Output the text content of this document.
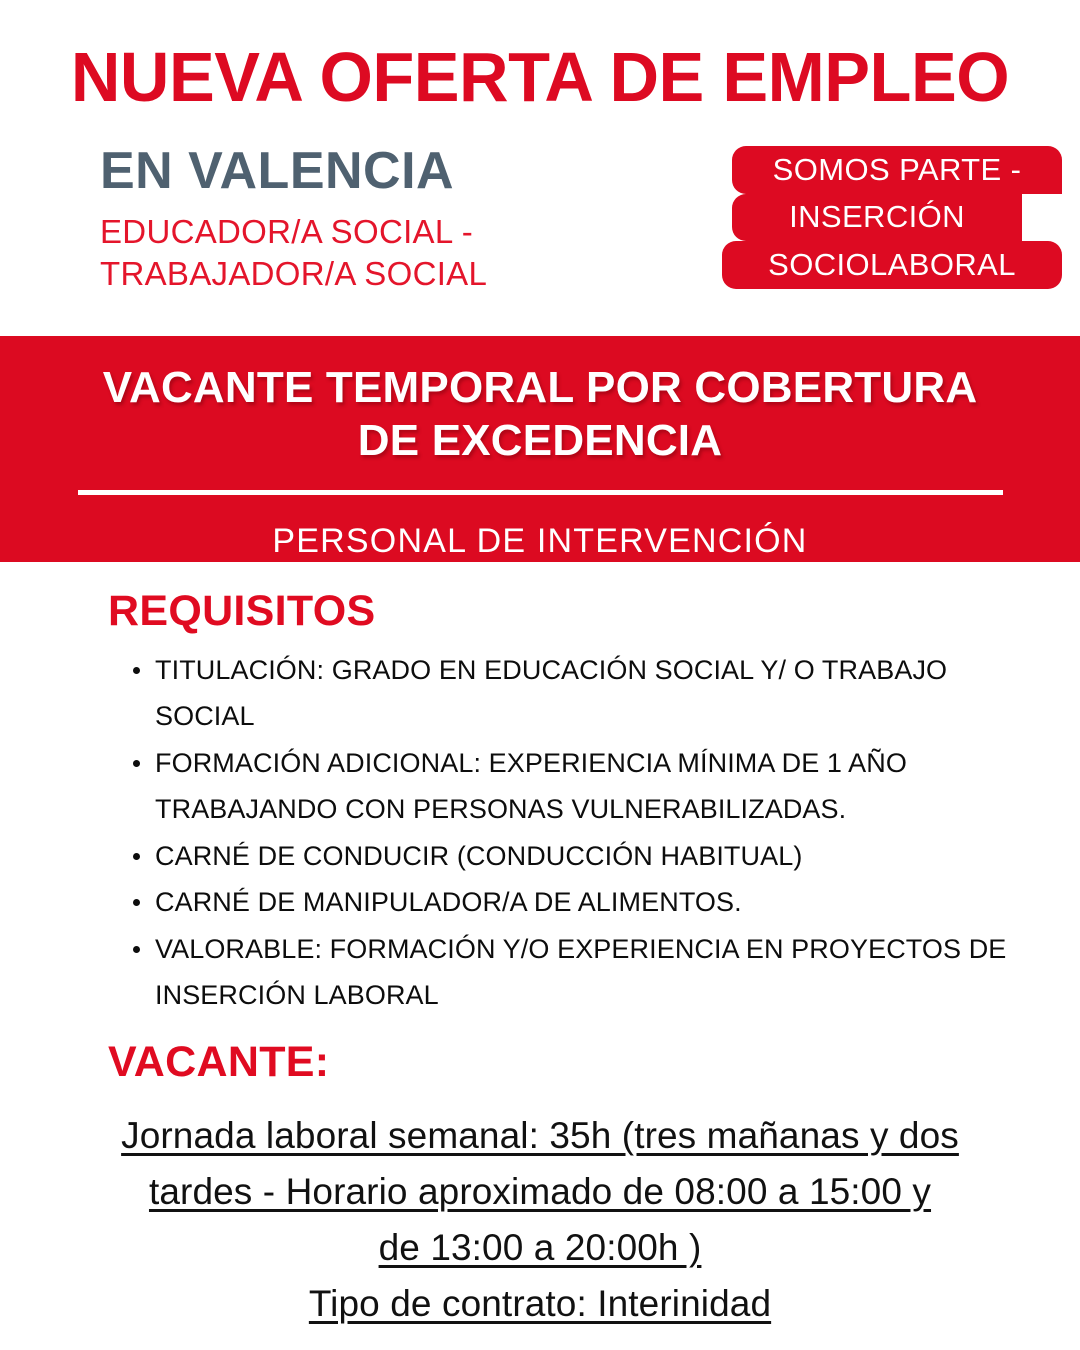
NUEVA OFERTA DE EMPLEO
EN VALENCIA
EDUCADOR/A SOCIAL -
TRABAJADOR/A SOCIAL
SOMOS PARTE -
INSERCIÓN
SOCIOLABORAL
VACANTE TEMPORAL POR COBERTURA
DE EXCEDENCIA
PERSONAL DE INTERVENCIÓN
REQUISITOS
TITULACIÓN: GRADO EN EDUCACIÓN SOCIAL Y/ O TRABAJO SOCIAL
FORMACIÓN ADICIONAL: EXPERIENCIA MÍNIMA DE 1 AÑO TRABAJANDO CON PERSONAS VULNERABILIZADAS.
CARNÉ DE CONDUCIR (CONDUCCIÓN HABITUAL)
CARNÉ DE MANIPULADOR/A DE ALIMENTOS.
VALORABLE: FORMACIÓN Y/O EXPERIENCIA EN PROYECTOS DE INSERCIÓN LABORAL
VACANTE:
Jornada laboral semanal: 35h (tres mañanas y dos
tardes - Horario aproximado de 08:00 a 15:00 y
de 13:00 a 20:00h )
Tipo de contrato: Interinidad
